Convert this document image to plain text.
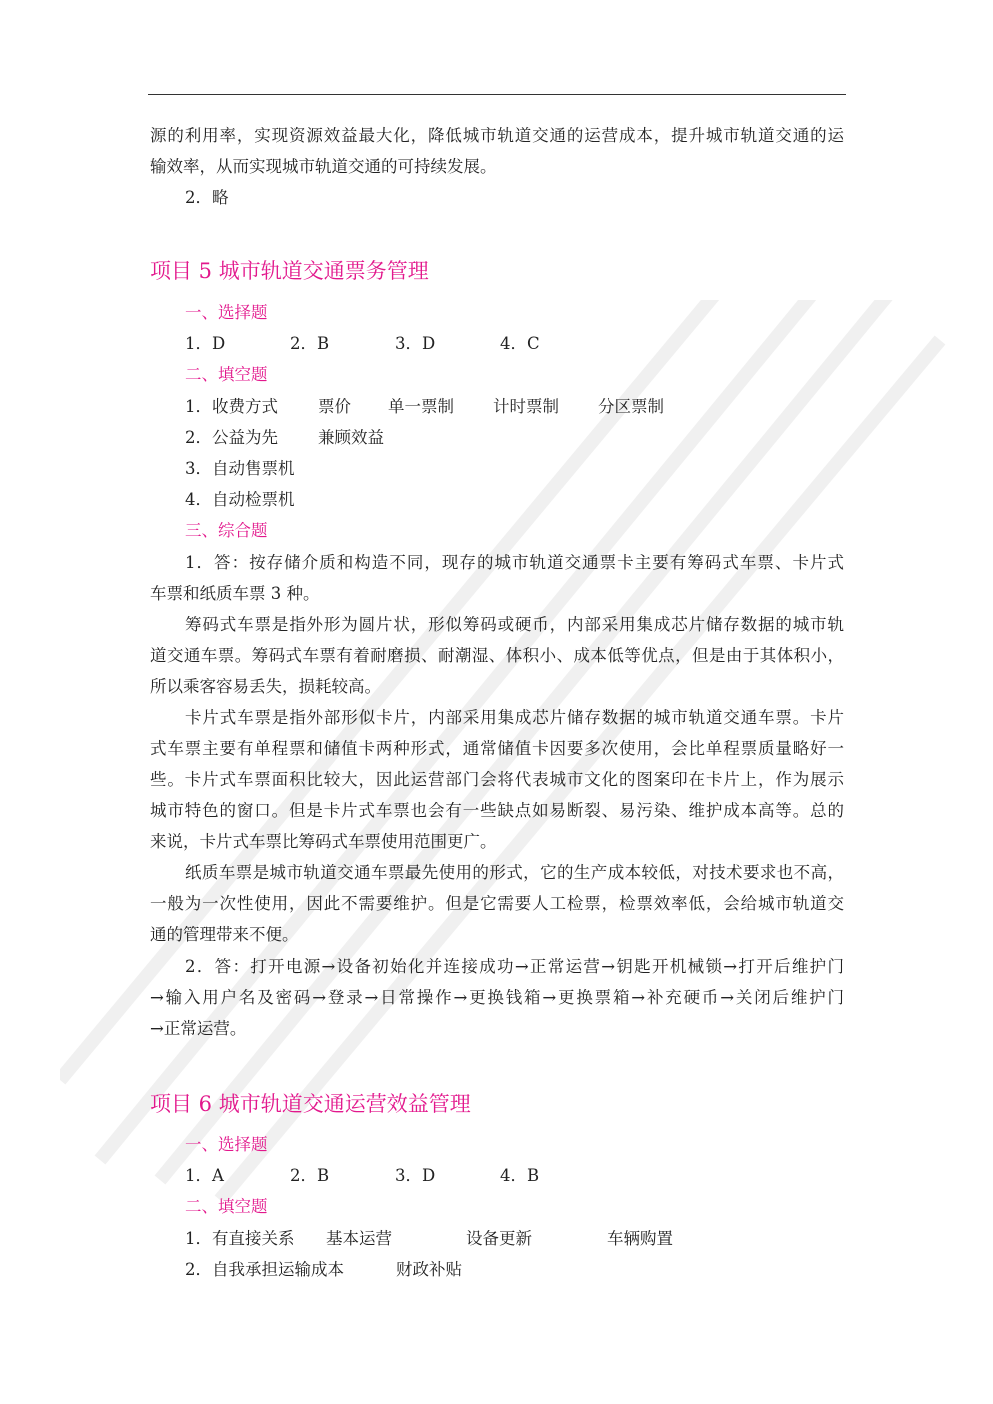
源的利用率，实现资源效益最大化，降低城市轨道交通的运营成本，提升城市轨道交通的运
输效率，从而实现城市轨道交通的可持续发展。
2．略
项目 5 城市轨道交通票务管理
一、选择题
1．D	2．B	3．D	4．C
二、填空题
1．收费方式 票价 单一票制 计时票制 分区票制
2．公益为先 兼顾效益
3．自动售票机
4．自动检票机
三、综合题
1．答：按存储介质和构造不同，现存的城市轨道交通票卡主要有筹码式车票、卡片式
车票和纸质车票 3 种。
筹码式车票是指外形为圆片状，形似筹码或硬币，内部采用集成芯片储存数据的城市轨
道交通车票。筹码式车票有着耐磨损、耐潮湿、体积小、成本低等优点，但是由于其体积小，
所以乘客容易丢失，损耗较高。
卡片式车票是指外部形似卡片，内部采用集成芯片储存数据的城市轨道交通车票。卡片
式车票主要有单程票和储值卡两种形式，通常储值卡因要多次使用，会比单程票质量略好一
些。卡片式车票面积比较大，因此运营部门会将代表城市文化的图案印在卡片上，作为展示
城市特色的窗口。但是卡片式车票也会有一些缺点如易断裂、易污染、维护成本高等。总的
来说，卡片式车票比筹码式车票使用范围更广。
纸质车票是城市轨道交通车票最先使用的形式，它的生产成本较低，对技术要求也不高，
一般为一次性使用，因此不需要维护。但是它需要人工检票，检票效率低，会给城市轨道交
通的管理带来不便。
2．答：打开电源→设备初始化并连接成功→正常运营→钥匙开机械锁→打开后维护门
→输入用户名及密码→登录→日常操作→更换钱箱→更换票箱→补充硬币→关闭后维护门
→正常运营。
项目 6 城市轨道交通运营效益管理
一、选择题
1．A	2．B	3．D	4．B
二、填空题
1．有直接关系 基本运营	设备更新	车辆购置
2．自我承担运输成本	财政补贴
